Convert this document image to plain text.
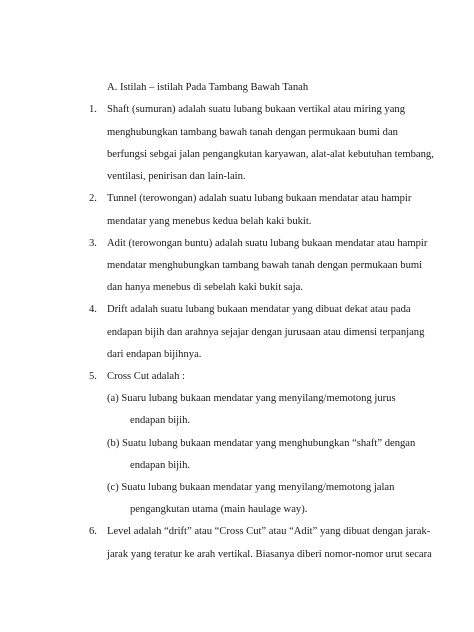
A. Istilah – istilah Pada Tambang Bawah Tanah
1. Shaft (sumuran) adalah suatu lubang bukaan vertikal atau miring yang
menghubungkan tambang bawah tanah dengan permukaan bumi dan
berfungsi sebgai jalan pengangkutan karyawan, alat-alat kebutuhan tembang,
ventilasi, penirisan dan lain-lain.
2. Tunnel (terowongan) adalah suatu lubang bukaan mendatar atau hampir
mendatar yang menebus kedua belah kaki bukit.
3. Adit (terowongan buntu) adalah suatu lubang bukaan mendatar atau hampir
mendatar menghubungkan tambang bawah tanah dengan permukaan bumi
dan hanya menebus di sebelah kaki bukit saja.
4. Drift adalah suatu lubang bukaan mendatar yang dibuat dekat atau pada
endapan bijih dan arahnya sejajar dengan jurusaan atau dimensi terpanjang
dari endapan bijihnya.
5. Cross Cut adalah :
(a) Suaru lubang bukaan mendatar yang menyilang/memotong jurus
endapan bijih.
(b) Suatu lubang bukaan mendatar yang menghubungkan “shaft” dengan
endapan bijih.
(c) Suatu lubang bukaan mendatar yang menyilang/memotong jalan
pengangkutan utama (main haulage way).
6. Level adalah “drift” atau “Cross Cut” atau “Adit” yang dibuat dengan jarak-
jarak yang teratur ke arah vertikal. Biasanya diberi nomor-nomor urut secara
